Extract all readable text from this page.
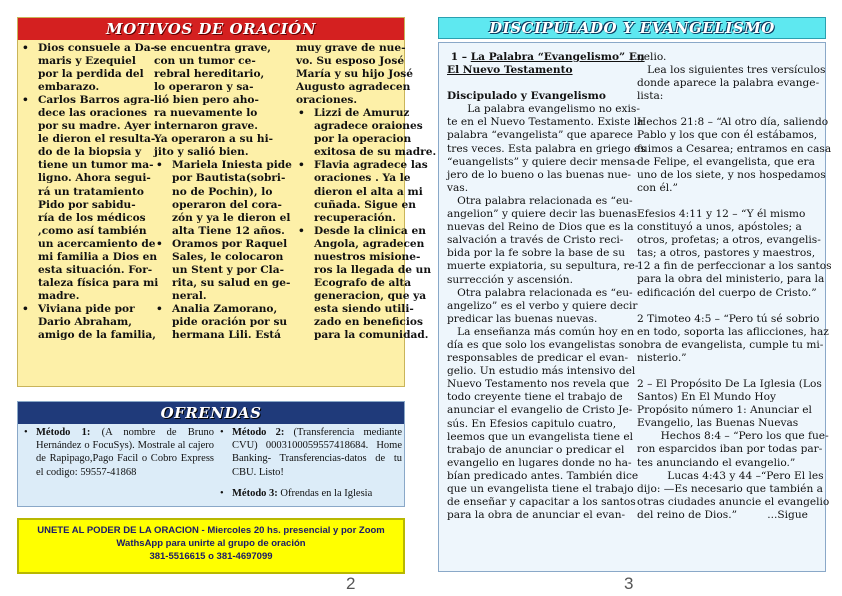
MOTIVOS DE ORACIÓN
• Dios consuele a Da-
maris y Ezequiel
por la perdida del
embarazo.
• Carlos Barros agra-
dece las oraciones
por su madre. Ayer
le dieron el resulta-
do de la biopsia y
tiene un tumor ma-
ligno. Ahora segui-
rá un tratamiento
Pido por sabidu-
ría de los médicos
,como así también
un acercamiento de
mi familia a Dios en
esta situación. For-
taleza física para mi
madre.
• Viviana pide por
Dario Abraham,
amigo de la familia,
se encuentra grave,
con un tumor ce-
rebral hereditario,
lo operaron y sa-
lió bien pero aho-
ra nuevamente lo
internaron grave.
Ya operaron a su hi-
jito y salió bien.
• Mariela Iniesta pide
por Bautista(sobri-
no de Pochin), lo
operaron del cora-
zón y ya le dieron el
alta Tiene 12 años.
• Oramos por Raquel
Sales, le colocaron
un Stent y por Cla-
rita, su salud en ge-
neral.
• Analia Zamorano,
pide oración por su
hermana Lili. Está
muy grave de nue-
vo. Su esposo José
María y su hijo José
Augusto agradecen
oraciones.
• Lizzi de Amuruz
agradece oraiones
por la operacion
exitosa de su madre.
• Flavia agradece las
oraciones . Ya le
dieron el alta a mi
cuñada. Sigue en
recuperación.
• Desde la clinica en
Angola, agradecen
nuestros misione-
ros la llegada de un
Ecografo de alta
generacion, que ya
esta siendo utili-
zado en beneficios
para la comunidad.
OFRENDAS
• Método 1: (A nombre de Bruno Hernández o FocuSys). Mostrale al cajero de Rapipago,Pago Facil o Cobro Express el codigo: 59557-41868
• Método 2: (Transferencia mediante CVU) 0003100059557418684. Home Banking- Transferencias-datos de tu CBU. Listo!
• Método 3: Ofrendas en la Iglesia
UNETE AL PODER DE LA ORACION - Miercoles 20 hs. presencial y por Zoom
WathsApp para unirte al grupo de oración
381-5516615 o 381-4697099
2	3
DISCIPULADO Y EVANGELISMO
1 – La Palabra “Evangelismo” En
El Nuevo Testamento
Discipulado y Evangelismo
La palabra evangelismo no exis-
te en el Nuevo Testamento. Existe la
palabra “evangelista” que aparece
tres veces. Esta palabra en griego es
“euangelists” y quiere decir mensa-
jero de lo bueno o las buenas nue-
vas.
Otra palabra relacionada es “eu-
angelion” y quiere decir las buenas
nuevas del Reino de Dios que es la
salvación a través de Cristo reci-
bida por la fe sobre la base de su
muerte expiatoria, su sepultura, re-
surrección y ascensión.
Otra palabra relacionada es “eu-
angelizo” es el verbo y quiere decir
predicar las buenas nuevas.
La enseñanza más común hoy en
día es que solo los evangelistas son
responsables de predicar el evan-
gelio. Un estudio más intensivo del
Nuevo Testamento nos revela que
todo creyente tiene el trabajo de
anunciar el evangelio de Cristo Je-
sús. En Efesios capitulo cuatro,
leemos que un evangelista tiene el
trabajo de anunciar o predicar el
evangelio en lugares donde no ha-
bían predicado antes. También dice
que un evangelista tiene el trabajo
de enseñar y capacitar a los santos
para la obra de anunciar el evan-
gelio.
Lea los siguientes tres versículos
donde aparece la palabra evange-
lista:
Hechos 21:8 – “Al otro día, saliendo
Pablo y los que con él estábamos,
fuimos a Cesarea; entramos en casa
de Felipe, el evangelista, que era
uno de los siete, y nos hospedamos
con él.”
Efesios 4:11 y 12 – “Y él mismo
constituyó a unos, apóstoles; a
otros, profetas; a otros, evangelis-
tas; a otros, pastores y maestros,
12 a fin de perfeccionar a los santos
para la obra del ministerio, para la
edificación del cuerpo de Cristo.”
2 Timoteo 4:5 – “Pero tú sé sobrio
en todo, soporta las aflicciones, haz
obra de evangelista, cumple tu mi-
nisterio.”
2 – El Propósito De La Iglesia (Los
Santos) En El Mundo Hoy
Propósito número 1: Anunciar el
Evangelio, las Buenas Nuevas
Hechos 8:4 – “Pero los que fue-
ron esparcidos iban por todas par-
tes anunciando el evangelio.”
Lucas 4:43 y 44 –“Pero El les
dijo: —Es necesario que también a
otras ciudades anuncie el evangelio
del reino de Dios.”         ...Sigue
